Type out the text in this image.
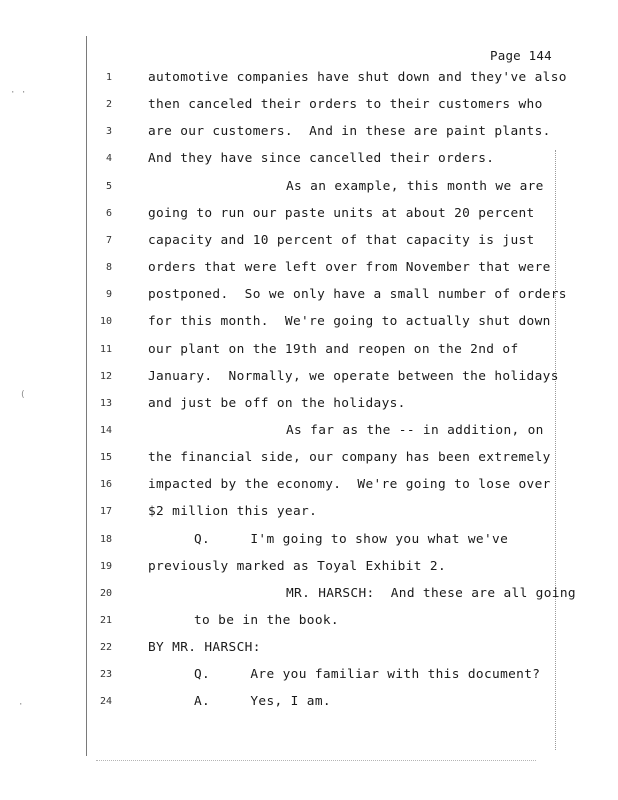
Page 144
1	automotive companies have shut down and they've also
2	then canceled their orders to their customers who
3	are our customers.  And in these are paint plants.
4	And they have since cancelled their orders.
5	As an example, this month we are
6	going to run our paste units at about 20 percent
7	capacity and 10 percent of that capacity is just
8	orders that were left over from November that were
9	postponed.  So we only have a small number of orders
10	for this month.  We're going to actually shut down
11	our plant on the 19th and reopen on the 2nd of
12	January.  Normally, we operate between the holidays
13	and just be off on the holidays.
14	As far as the -- in addition, on
15	the financial side, our company has been extremely
16	impacted by the economy.  We're going to lose over
17	$2 million this year.
18	Q.     I'm going to show you what we've
19	previously marked as Toyal Exhibit 2.
20	MR. HARSCH:  And these are all going
21	to be in the book.
22	BY MR. HARSCH:
23	Q.     Are you familiar with this document?
24	A.     Yes, I am.
· ·
(
·
